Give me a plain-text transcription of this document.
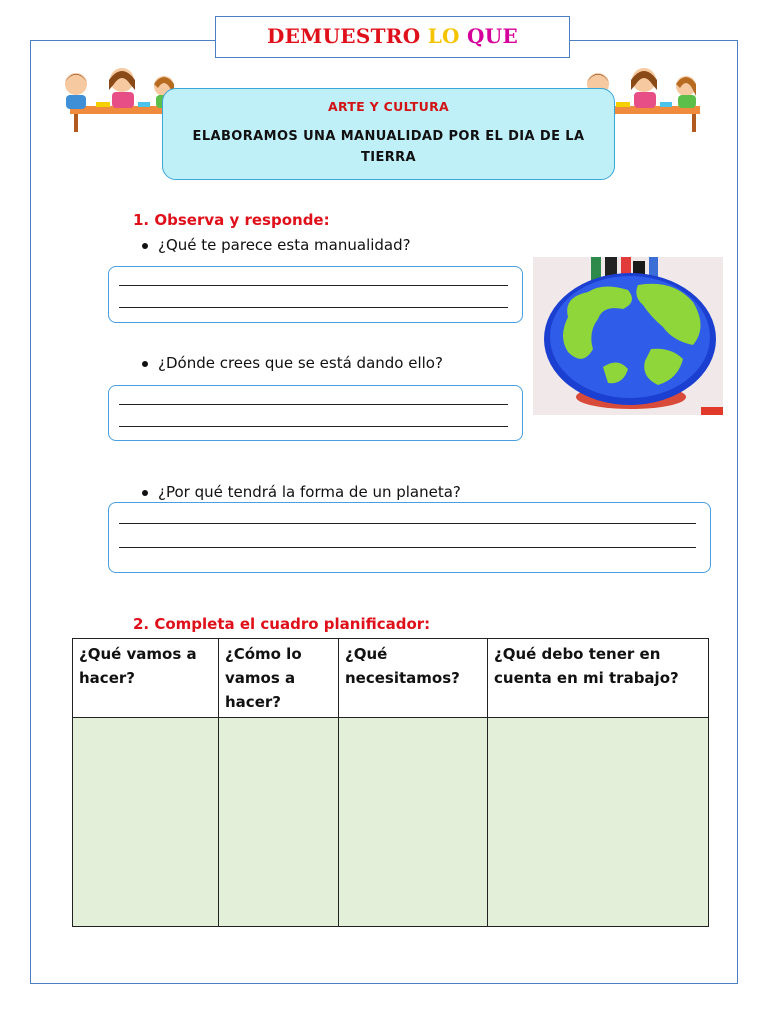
DEMUESTRO LO QUE
ARTE Y CULTURA
ELABORAMOS UNA MANUALIDAD POR EL DIA DE LA TIERRA
1. Observa y responde:
¿Qué te parece esta manualidad?
¿Dónde crees que se está dando ello?
¿Por qué tendrá la forma de un planeta?
2. Completa el cuadro planificador:
¿Qué vamos a hacer?	¿Cómo lo vamos a hacer?	¿Qué necesitamos?	¿Qué debo tener en cuenta en mi trabajo?
